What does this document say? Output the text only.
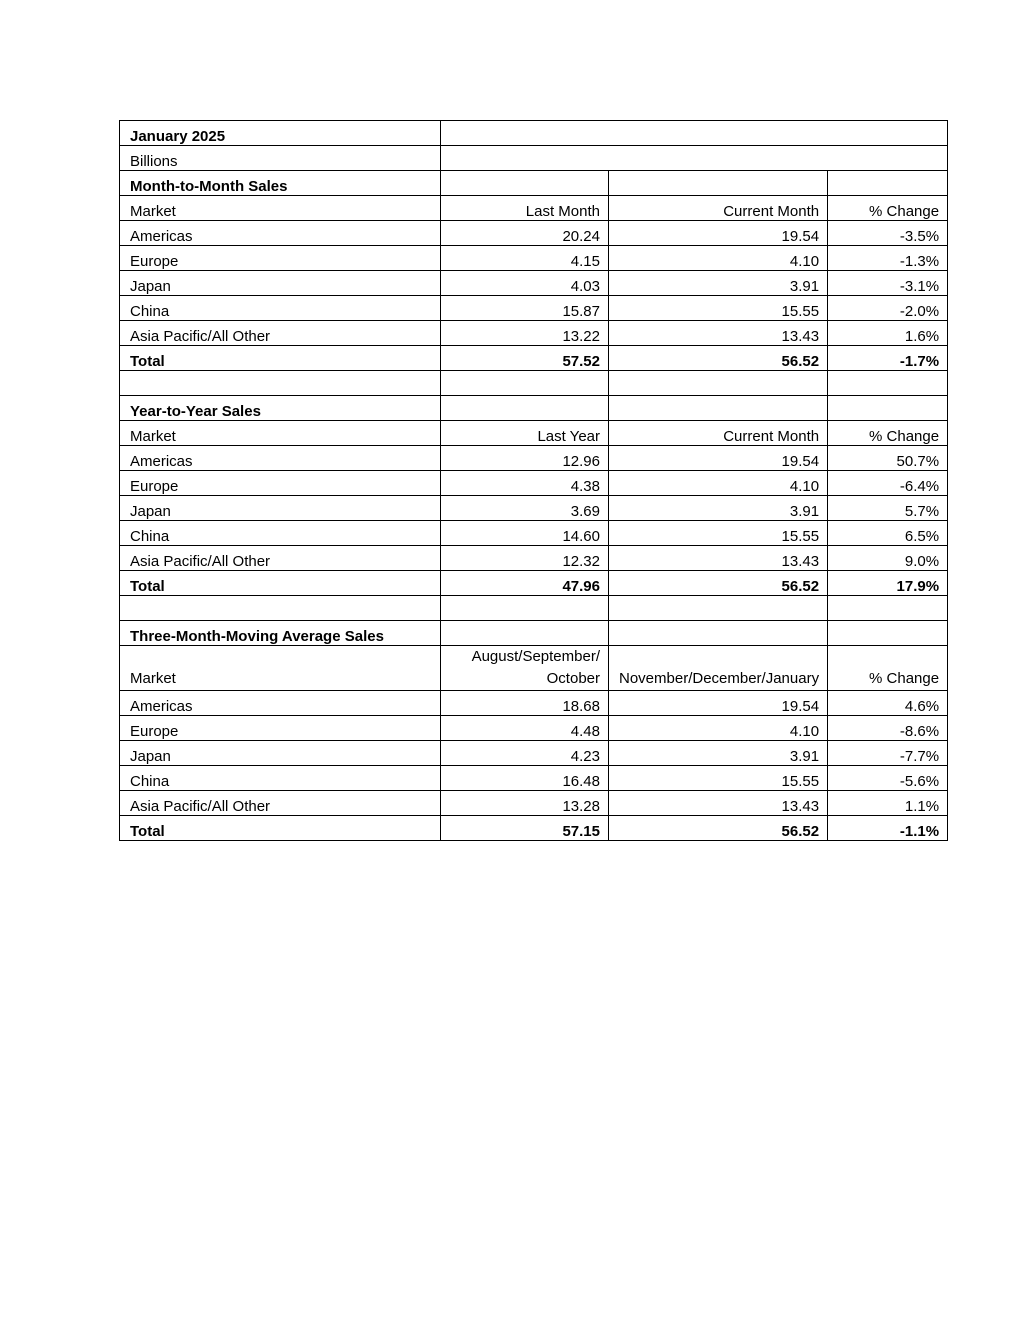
January 2025			
Billions			
Month-to-Month Sales			
Market	Last Month	Current Month	% Change
Americas	20.24	19.54	-3.5%
Europe	4.15	4.10	-1.3%
Japan	4.03	3.91	-3.1%
China	15.87	15.55	-2.0%
Asia Pacific/All Other	13.22	13.43	1.6%
Total	57.52	56.52	-1.7%

Year-to-Year Sales			
Market	Last Year	Current Month	% Change
Americas	12.96	19.54	50.7%
Europe	4.38	4.10	-6.4%
Japan	3.69	3.91	5.7%
China	14.60	15.55	6.5%
Asia Pacific/All Other	12.32	13.43	9.0%
Total	47.96	56.52	17.9%

Three-Month-Moving Average Sales			
Market	August/September/ October	November/December/January	% Change
Americas	18.68	19.54	4.6%
Europe	4.48	4.10	-8.6%
Japan	4.23	3.91	-7.7%
China	16.48	15.55	-5.6%
Asia Pacific/All Other	13.28	13.43	1.1%
Total	57.15	56.52	-1.1%
